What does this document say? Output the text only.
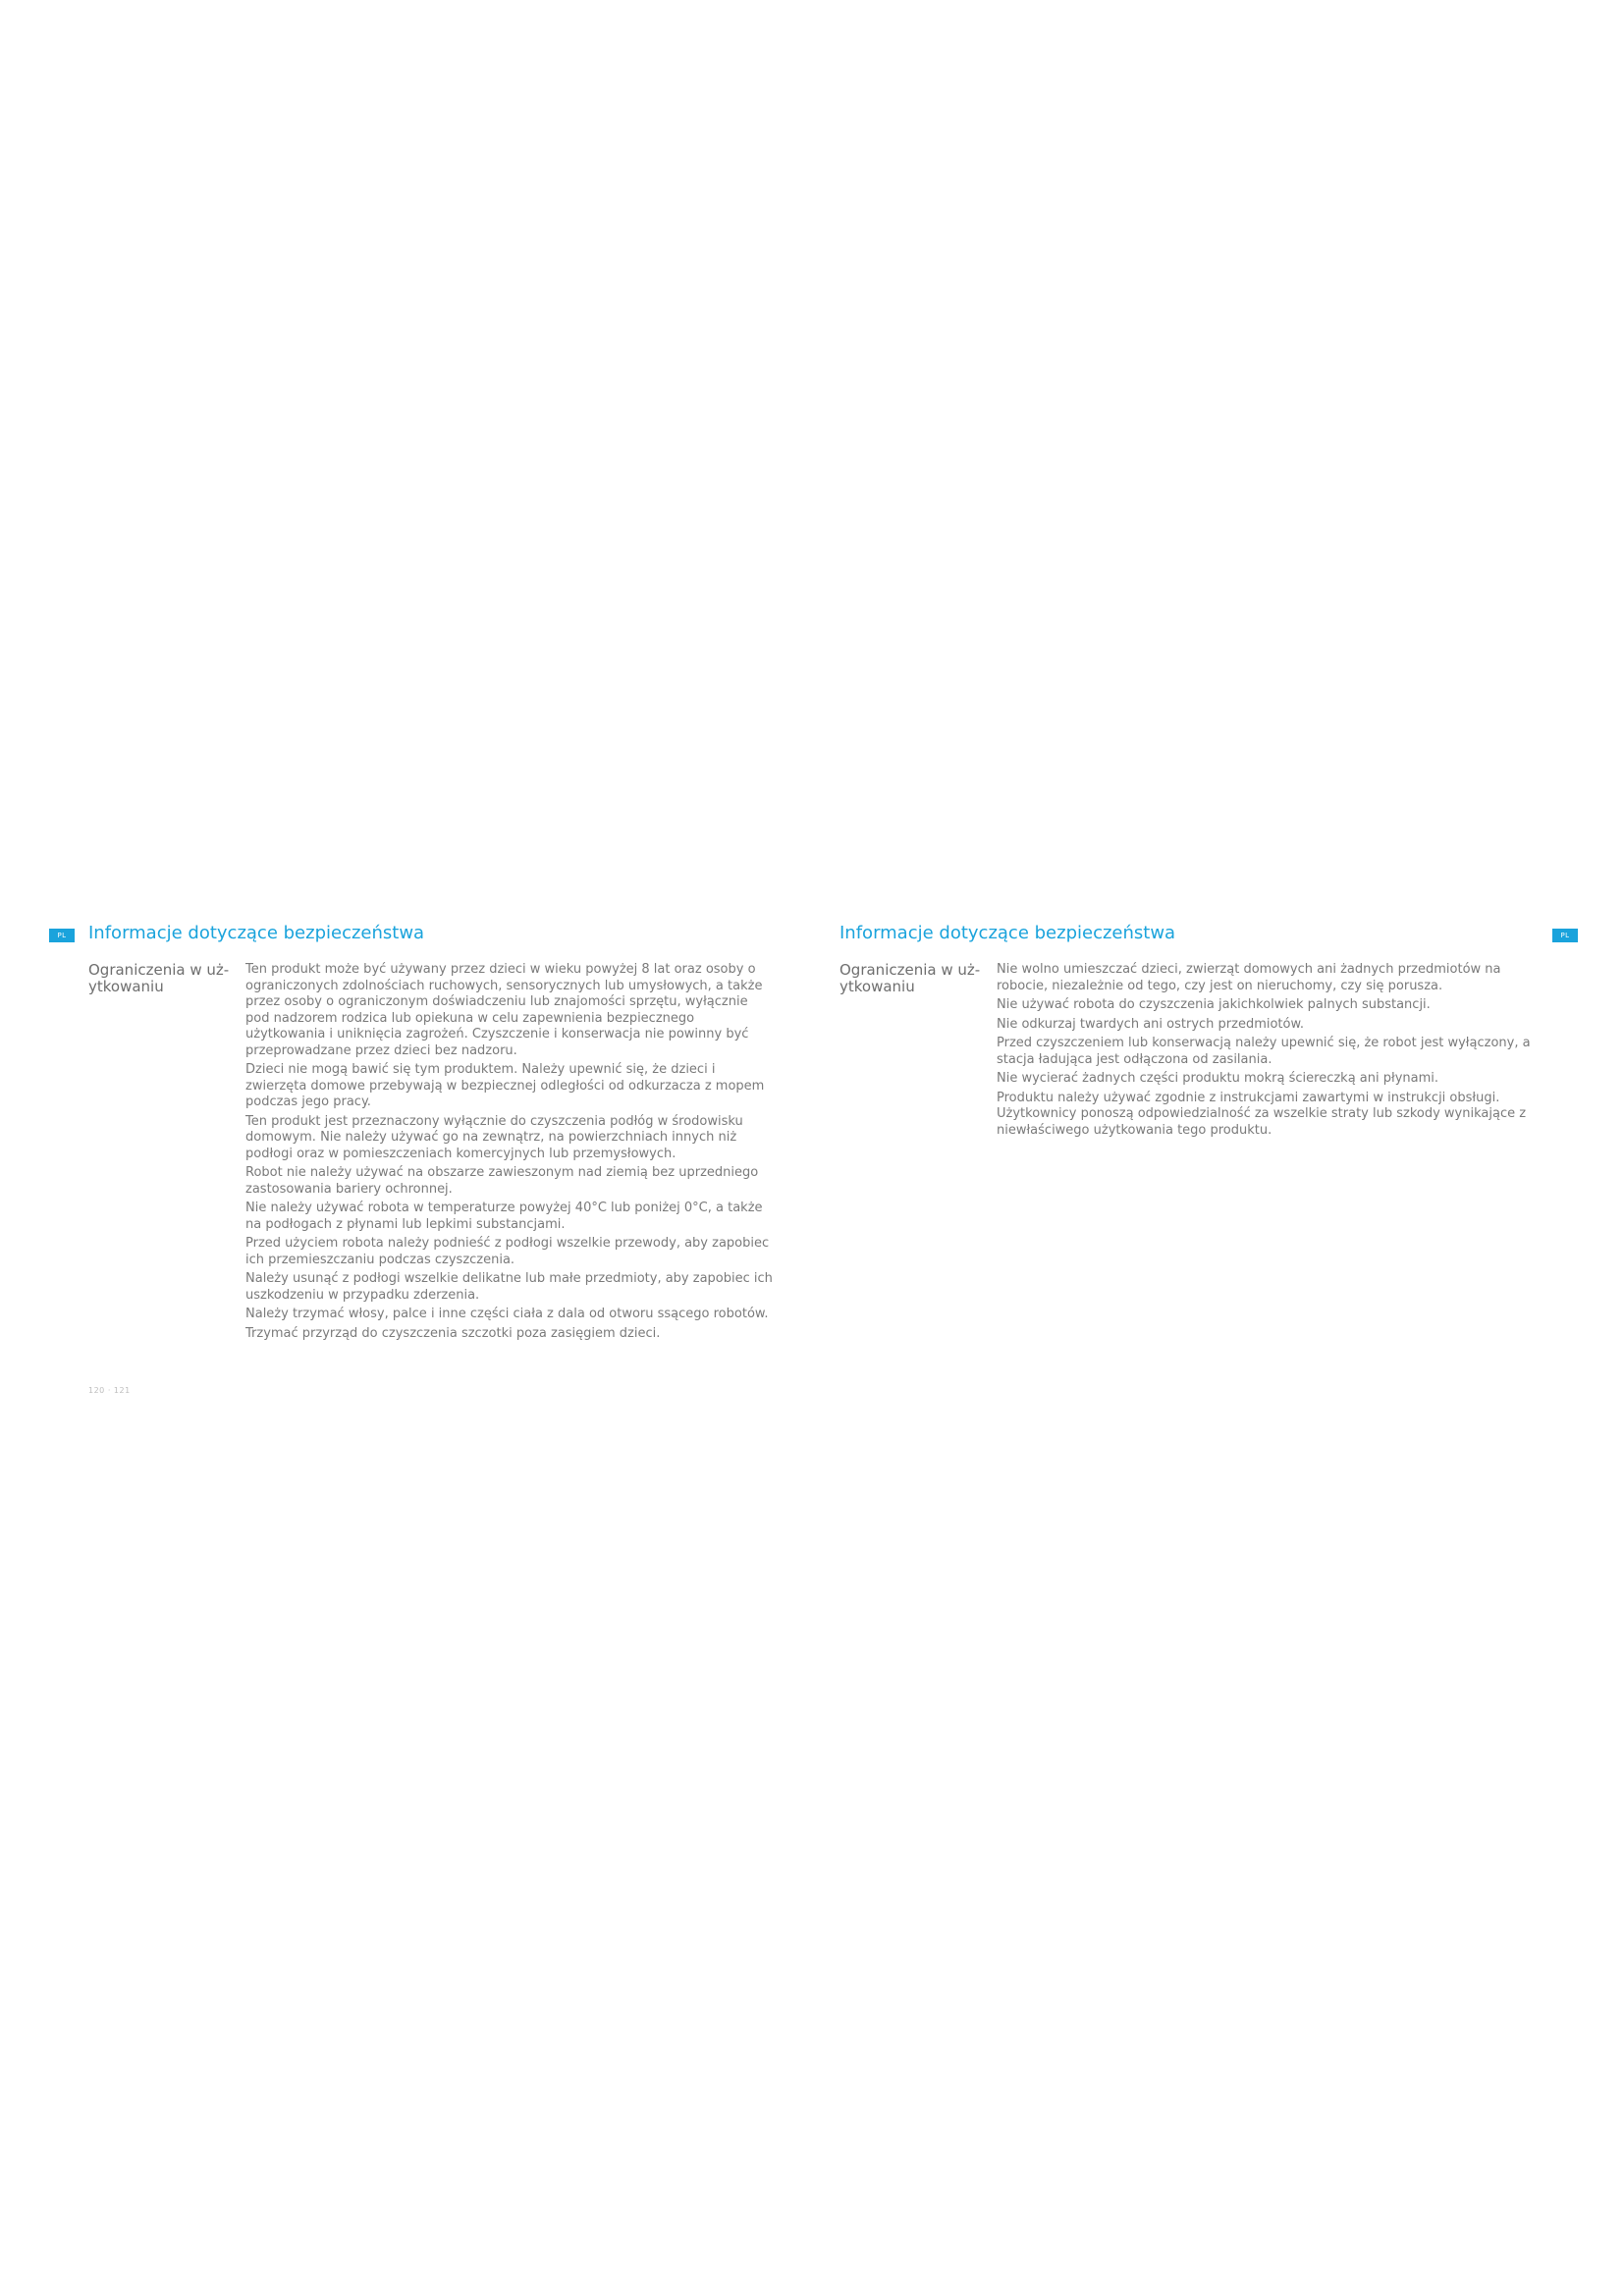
PL	Informacje dotyczące bezpieczeństwa
Ograniczenia w uż-ytkowaniu

Ten produkt może być używany przez dzieci w wieku powyżej 8 lat oraz osoby o ograniczonych zdolnościach ruchowych, sensorycznych lub umysłowych, a także przez osoby o ograniczonym doświadczeniu lub znajomości sprzętu, wyłącznie pod nadzorem rodzica lub opiekuna w celu zapewnienia bezpiecznego użytkowania i uniknięcia zagrożeń. Czyszczenie i konserwacja nie powinny być przeprowadzane przez dzieci bez nadzoru.

Dzieci nie mogą bawić się tym produktem. Należy upewnić się, że dzieci i zwierzęta domowe przebywają w bezpiecznej odległości od odkurzacza z mopem podczas jego pracy.

Ten produkt jest przeznaczony wyłącznie do czyszczenia podłóg w środowisku domowym. Nie należy używać go na zewnątrz, na powierzchniach innych niż podłogi oraz w pomieszczeniach komercyjnych lub przemysłowych.

Robot nie należy używać na obszarze zawieszonym nad ziemią bez uprzedniego zastosowania bariery ochronnej.

Nie należy używać robota w temperaturze powyżej 40°C lub poniżej 0°C, a także na podłogach z płynami lub lepkimi substancjami.

Przed użyciem robota należy podnieść z podłogi wszelkie przewody, aby zapobiec ich przemieszczaniu podczas czyszczenia.

Należy usunąć z podłogi wszelkie delikatne lub małe przedmioty, aby zapobiec ich uszkodzeniu w przypadku zderzenia.

Należy trzymać włosy, palce i inne części ciała z dala od otworu ssącego robotów.

Trzymać przyrząd do czyszczenia szczotki poza zasięgiem dzieci.

120 · 121
PL
Informacje dotyczące bezpieczeństwa
Ograniczenia w uż-ytkowaniu

Nie wolno umieszczać dzieci, zwierząt domowych ani żadnych przedmiotów na robocie, niezależnie od tego, czy jest on nieruchomy, czy się porusza.

Nie używać robota do czyszczenia jakichkolwiek palnych substancji.

Nie odkurzaj twardych ani ostrych przedmiotów.

Przed czyszczeniem lub konserwacją należy upewnić się, że robot jest wyłączony, a stacja ładująca jest odłączona od zasilania.

Nie wycierać żadnych części produktu mokrą ściereczką ani płynami.

Produktu należy używać zgodnie z instrukcjami zawartymi w instrukcji obsługi. Użytkownicy ponoszą odpowiedzialność za wszelkie straty lub szkody wynikające z niewłaściwego użytkowania tego produktu.
